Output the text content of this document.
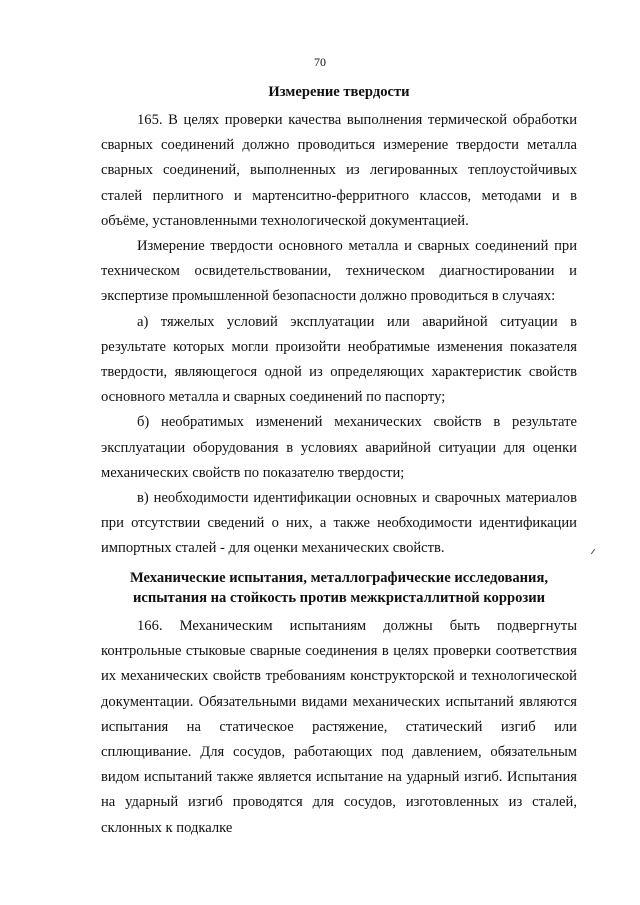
70
Измерение твердости

165. В целях проверки качества выполнения термической обработки сварных соединений должно проводиться измерение твердости металла сварных соединений, выполненных из легированных теплоустойчивых сталей перлитного и мартенситно-ферритного классов, методами и в объёме, установленными технологической документацией.

Измерение твердости основного металла и сварных соединений при техническом освидетельствовании, техническом диагностировании и экспертизе промышленной безопасности должно проводиться в случаях:

а) тяжелых условий эксплуатации или аварийной ситуации в результате которых могли произойти необратимые изменения показателя твердости, являющегося одной из определяющих характеристик свойств основного металла и сварных соединений по паспорту;

б) необратимых изменений механических свойств в результате эксплуатации оборудования в условиях аварийной ситуации для оценки механических свойств по показателю твердости;

в) необходимости идентификации основных и сварочных материалов при отсутствии сведений о них, а также необходимости идентификации импортных сталей - для оценки механических свойств.

Механические испытания, металлографические исследования,
испытания на стойкость против межкристаллитной коррозии

166. Механическим испытаниям должны быть подвергнуты контрольные стыковые сварные соединения в целях проверки соответствия их механических свойств требованиям конструкторской и технологической документации. Обязательными видами механических испытаний являются испытания на статическое растяжение, статический изгиб или сплющивание. Для сосудов, работающих под давлением, обязательным видом испытаний также является испытание на ударный изгиб. Испытания на ударный изгиб проводятся для сосудов, изготовленных из сталей, склонных к подкалке
